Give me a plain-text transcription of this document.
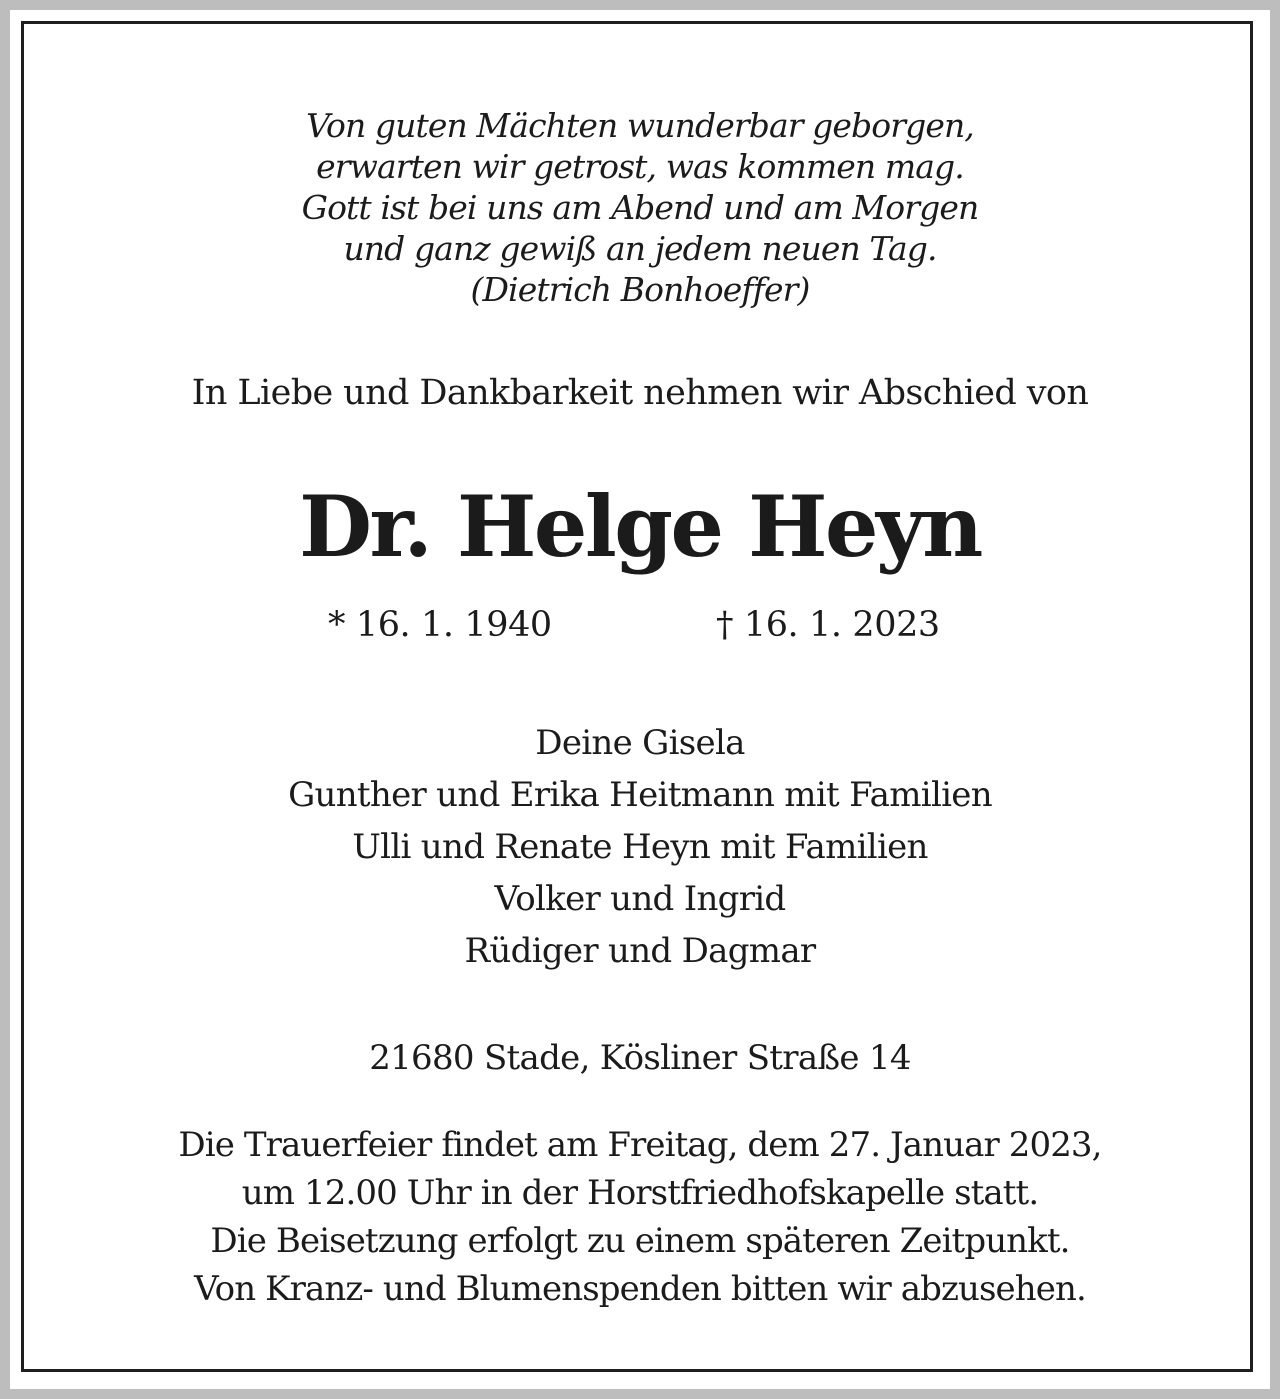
Von guten Mächten wunderbar geborgen,
erwarten wir getrost, was kommen mag.
Gott ist bei uns am Abend und am Morgen
und ganz gewiß an jedem neuen Tag.
(Dietrich Bonhoeffer)
In Liebe und Dankbarkeit nehmen wir Abschied von
Dr. Helge Heyn
* 16. 1. 1940	† 16. 1. 2023
Deine Gisela
Gunther und Erika Heitmann mit Familien
Ulli und Renate Heyn mit Familien
Volker und Ingrid
Rüdiger und Dagmar
21680 Stade, Kösliner Straße 14
Die Trauerfeier findet am Freitag, dem 27. Januar 2023,
um 12.00 Uhr in der Horstfriedhofskapelle statt.
Die Beisetzung erfolgt zu einem späteren Zeitpunkt.
Von Kranz- und Blumenspenden bitten wir abzusehen.
